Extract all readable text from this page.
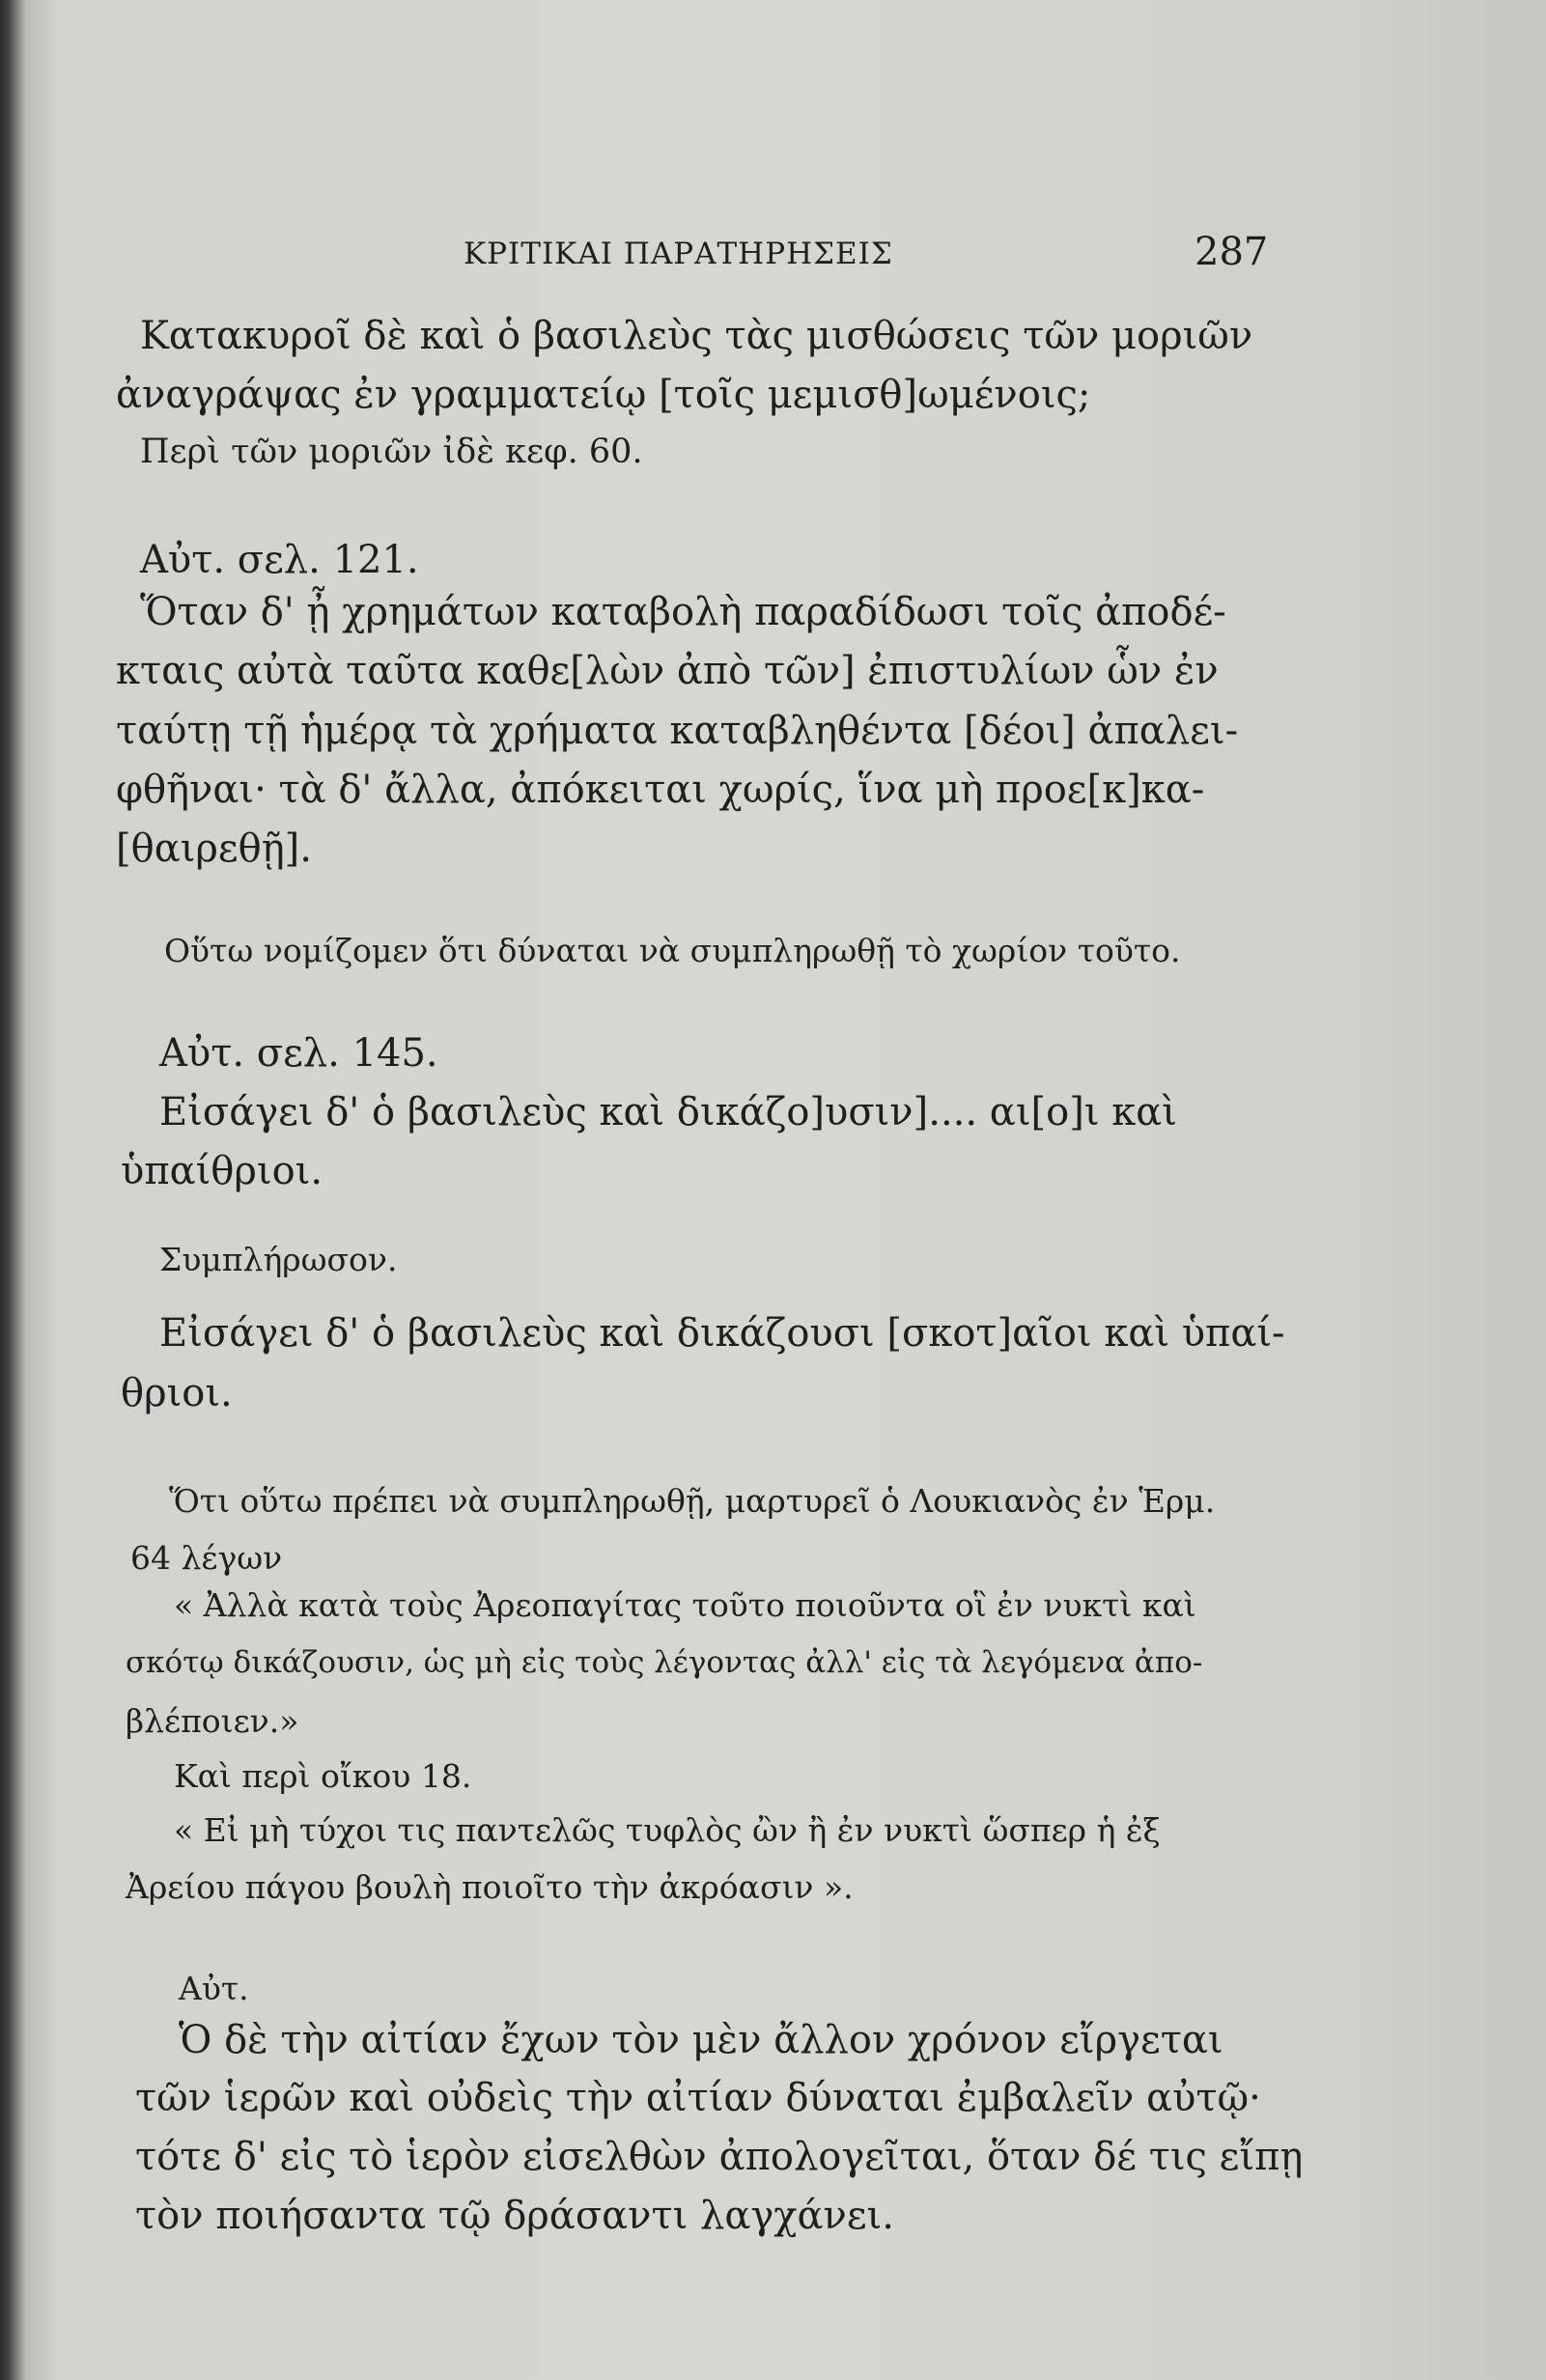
ΚΡΙΤΙΚΑΙ ΠΑΡΑΤΗΡΗΣΕΙΣ	287
Κατακυροῖ δὲ καὶ ὁ βασιλεὺς τὰς μισθώσεις τῶν μοριῶν
ἀναγράψας ἐν γραμματείῳ [τοῖς μεμισθ]ωμένοις;
Περὶ τῶν μοριῶν ἰδὲ κεφ. 60.
Αὐτ. σελ. 121.
Ὅταν δ' ᾖ χρημάτων καταβολὴ παραδίδωσι τοῖς ἀποδέ-
κταις αὐτὰ ταῦτα καθε[λὼν ἀπὸ τῶν] ἐπιστυλίων ὧν ἐν
ταύτῃ τῇ ἡμέρᾳ τὰ χρήματα καταβληθέντα [δέοι] ἀπαλει-
φθῆναι· τὰ δ' ἄλλα, ἀπόκειται χωρίς, ἵνα μὴ προε[κ]κα-
[θαιρεθῇ].
Οὕτω νομίζομεν ὅτι δύναται νὰ συμπληρωθῇ τὸ χωρίον τοῦτο.
Αὐτ. σελ. 145.
Εἰσάγει δ' ὁ βασιλεὺς καὶ δικάζο]υσιν].... αι[ο]ι καὶ
ὑπαίθριοι.
Συμπλήρωσον.
Εἰσάγει δ' ὁ βασιλεὺς καὶ δικάζουσι [σκοτ]αῖοι καὶ ὑπαί-
θριοι.
Ὅτι οὕτω πρέπει νὰ συμπληρωθῇ, μαρτυρεῖ ὁ Λουκιανὸς ἐν Ἑρμ.
64 λέγων
« Ἀλλὰ κατὰ τοὺς Ἀρεοπαγίτας τοῦτο ποιοῦντα οἳ ἐν νυκτὶ καὶ
σκότῳ δικάζουσιν, ὡς μὴ εἰς τοὺς λέγοντας ἀλλ' εἰς τὰ λεγόμενα ἀπο-
βλέποιεν.»
Καὶ περὶ οἴκου 18.
« Εἰ μὴ τύχοι τις παντελῶς τυφλὸς ὢν ἢ ἐν νυκτὶ ὥσπερ ἡ ἐξ
Ἀρείου πάγου βουλὴ ποιοῖτο τὴν ἀκρόασιν ».
Αὐτ.
Ὁ δὲ τὴν αἰτίαν ἔχων τὸν μὲν ἄλλον χρόνον εἴργεται
τῶν ἱερῶν καὶ οὐδεὶς τὴν αἰτίαν δύναται ἐμβαλεῖν αὐτῷ·
τότε δ' εἰς τὸ ἱερὸν εἰσελθὼν ἀπολογεῖται, ὅταν δέ τις εἴπῃ
τὸν ποιήσαντα τῷ δράσαντι λαγχάνει.
